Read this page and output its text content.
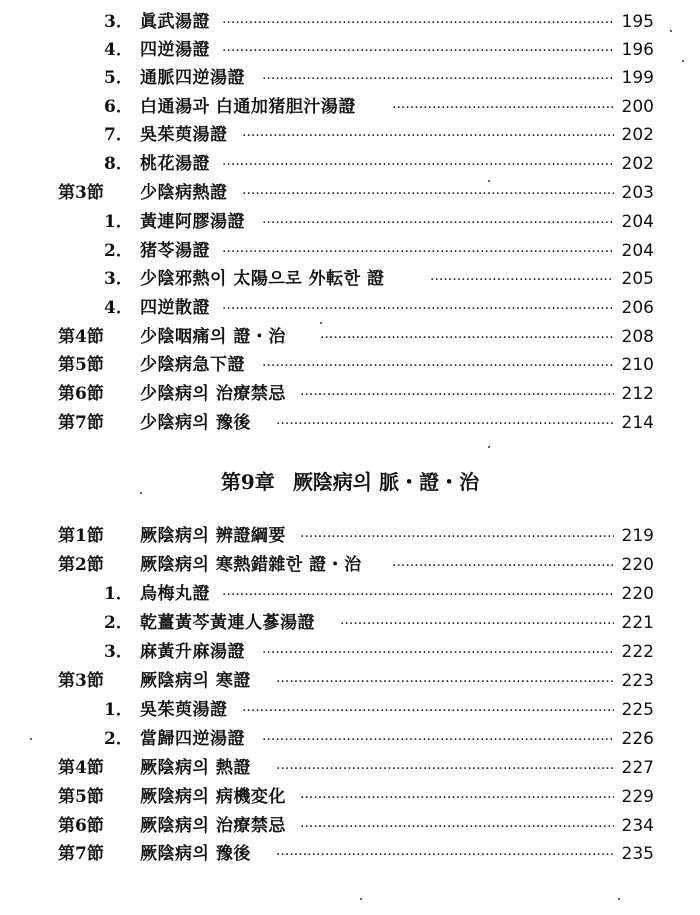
3． 眞武湯證 ·····	195
4． 四逆湯證 ·····	196
5． 通脈四逆湯證 ·····	199
6． 白通湯과 白通加猪胆汁湯證 ·····	200
7． 吳茱萸湯證 ·····	202
8． 桃花湯證 ·····	202
第3節 少陰病熱證 ·····	203
1． 黃連阿膠湯證 ·····	204
2． 猪苓湯證 ·····	204
3． 少陰邪熱이 太陽으로 外転한 證 ·····	205
4． 四逆散證 ·····	206
第4節 少陰咽痛의 證・治 ·····	208
第5節 少陰病急下證 ·····	210
第6節 少陰病의 治療禁忌 ·····	212
第7節 少陰病의 豫後 ·····	214
第9章 厥陰病의 脈・證・治
第1節 厥陰病의 辨證綱要 ·····	219
第2節 厥陰病의 寒熱錯雜한 證・治 ·····	220
1． 烏梅丸證 ·····	220
2． 乾薑黃芩黃連人蔘湯證 ·····	221
3． 麻黃升麻湯證 ·····	222
第3節 厥陰病의 寒證 ·····	223
1． 吳茱萸湯證 ·····	225
2． 當歸四逆湯證 ·····	226
第4節 厥陰病의 熱證 ·····	227
第5節 厥陰病의 病機変化 ·····	229
第6節 厥陰病의 治療禁忌 ·····	234
第7節 厥陰病의 豫後 ·····	235
